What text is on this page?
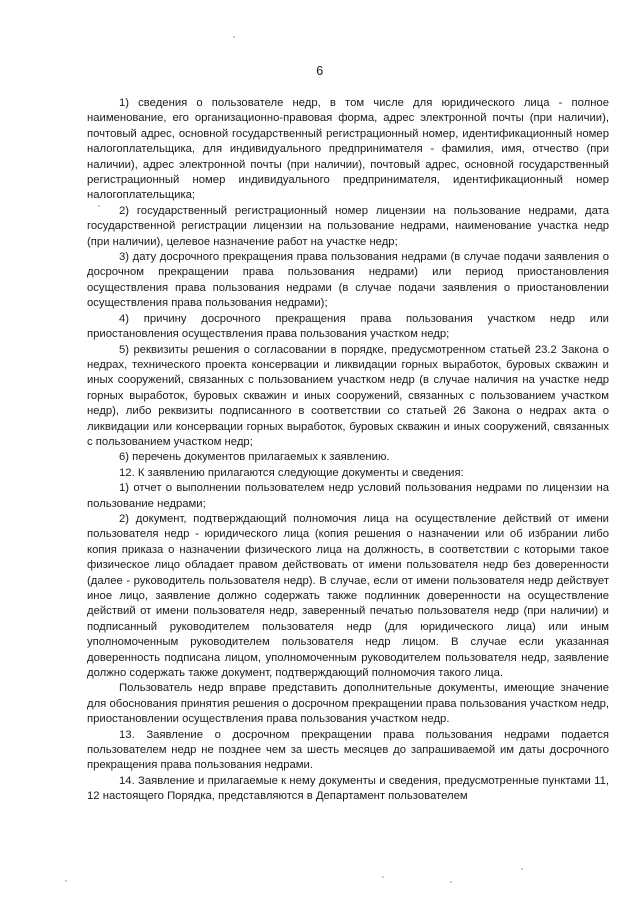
6

1) сведения о пользователе недр, в том числе для юридического лица - полное наименование, его организационно-правовая форма, адрес электронной почты (при наличии), почтовый адрес, основной государственный регистрационный номер, идентификационный номер налогоплательщика, для индивидуального предпринимателя - фамилия, имя, отчество (при наличии), адрес электронной почты (при наличии), почтовый адрес, основной государственный регистрационный номер индивидуального предпринимателя, идентификационный номер налогоплательщика;

2) государственный регистрационный номер лицензии на пользование недрами, дата государственной регистрации лицензии на пользование недрами, наименование участка недр (при наличии), целевое назначение работ на участке недр;

3) дату досрочного прекращения права пользования недрами (в случае подачи заявления о досрочном прекращении права пользования недрами) или период приостановления осуществления права пользования недрами (в случае подачи заявления о приостановлении осуществления права пользования недрами);

4) причину досрочного прекращения права пользования участком недр или приостановления осуществления права пользования участком недр;

5) реквизиты решения о согласовании в порядке, предусмотренном статьей 23.2 Закона о недрах, технического проекта консервации и ликвидации горных выработок, буровых скважин и иных сооружений, связанных с пользованием участком недр (в случае наличия на участке недр горных выработок, буровых скважин и иных сооружений, связанных с пользованием участком недр), либо реквизиты подписанного в соответствии со статьей 26 Закона о недрах акта о ликвидации или консервации горных выработок, буровых скважин и иных сооружений, связанных с пользованием участком недр;

6) перечень документов прилагаемых к заявлению.

12. К заявлению прилагаются следующие документы и сведения:

1) отчет о выполнении пользователем недр условий пользования недрами по лицензии на пользование недрами;

2) документ, подтверждающий полномочия лица на осуществление действий от имени пользователя недр - юридического лица (копия решения о назначении или об избрании либо копия приказа о назначении физического лица на должность, в соответствии с которыми такое физическое лицо обладает правом действовать от имени пользователя недр без доверенности (далее - руководитель пользователя недр). В случае, если от имени пользователя недр действует иное лицо, заявление должно содержать также подлинник доверенности на осуществление действий от имени пользователя недр, заверенный печатью пользователя недр (при наличии) и подписанный руководителем пользователя недр (для юридического лица) или иным уполномоченным руководителем пользователя недр лицом. В случае если указанная доверенность подписана лицом, уполномоченным руководителем пользователя недр, заявление должно содержать также документ, подтверждающий полномочия такого лица.

Пользователь недр вправе представить дополнительные документы, имеющие значение для обоснования принятия решения о досрочном прекращении права пользования участком недр, приостановлении осуществления права пользования участком недр.

13. Заявление о досрочном прекращении права пользования недрами подается пользователем недр не позднее чем за шесть месяцев до запрашиваемой им даты досрочного прекращения права пользования недрами.

14. Заявление и прилагаемые к нему документы и сведения, предусмотренные пунктами 11, 12 настоящего Порядка, представляются в Департамент пользователем
